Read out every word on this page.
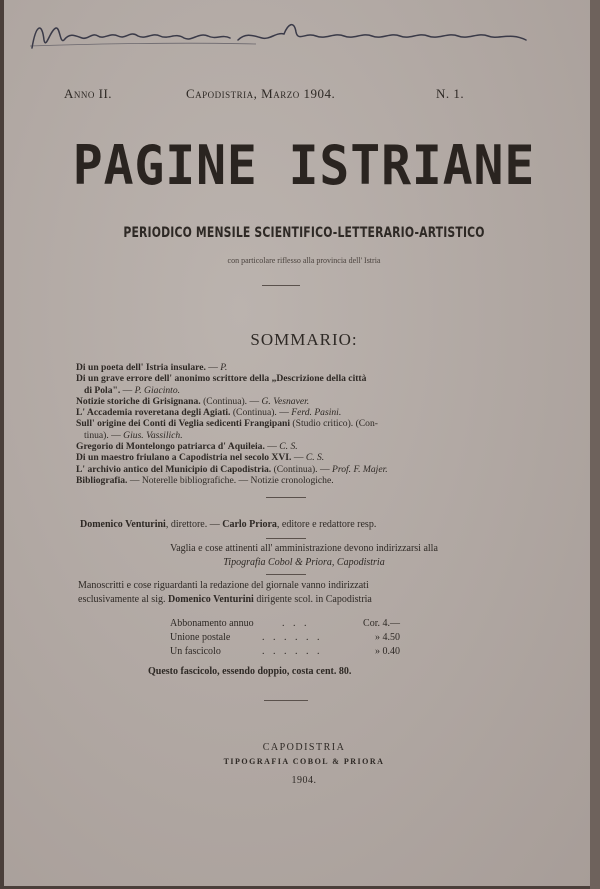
Anno II.	Capodistria, Marzo 1904.	N. 1.
PAGINE ISTRIANE
PERIODICO MENSILE SCIENTIFICO-LETTERARIO-ARTISTICO
con particolare riflesso alla provincia dell' Istria
SOMMARIO:
Di un poeta dell' Istria insulare. — P.
Di un grave errore dell' anonimo scrittore della „Descrizione della città
di Pola". — P. Giacinto.
Notizie storiche di Grisignana. (Continua). — G. Vesnaver.
L' Accademia roveretana degli Agiati. (Continua). — Ferd. Pasini.
Sull' origine dei Conti di Veglia sedicenti Frangipani (Studio critico). (Con-
tinua). — Gius. Vassilich.
Gregorio di Montelongo patriarca d' Aquileia. — C. S.
Di un maestro friulano a Capodistria nel secolo XVI. — C. S.
L' archivio antico del Municipio di Capodistria. (Continua). — Prof. F. Majer.
Bibliografia. — Noterelle bibliografiche. — Notizie cronologiche.
Domenico Venturini, direttore. — Carlo Priora, editore e redattore resp.
Vaglia e cose attinenti all' amministrazione devono indirizzarsi alla
Tipografia Cobol & Priora, Capodistria
Manoscritti e cose riguardanti la redazione del giornale vanno indirizzati
esclusivamente al sig. Domenico Venturini dirigente scol. in Capodistria
Abbonamento annuo	. . .	Cor. 4.—
Unione postale	. . . . . .	» 4.50
Un fascicolo	. . . . . .	» 0.40
Questo fascicolo, essendo doppio, costa cent. 80.
CAPODISTRIA
TIPOGRAFIA COBOL & PRIORA
1904.
